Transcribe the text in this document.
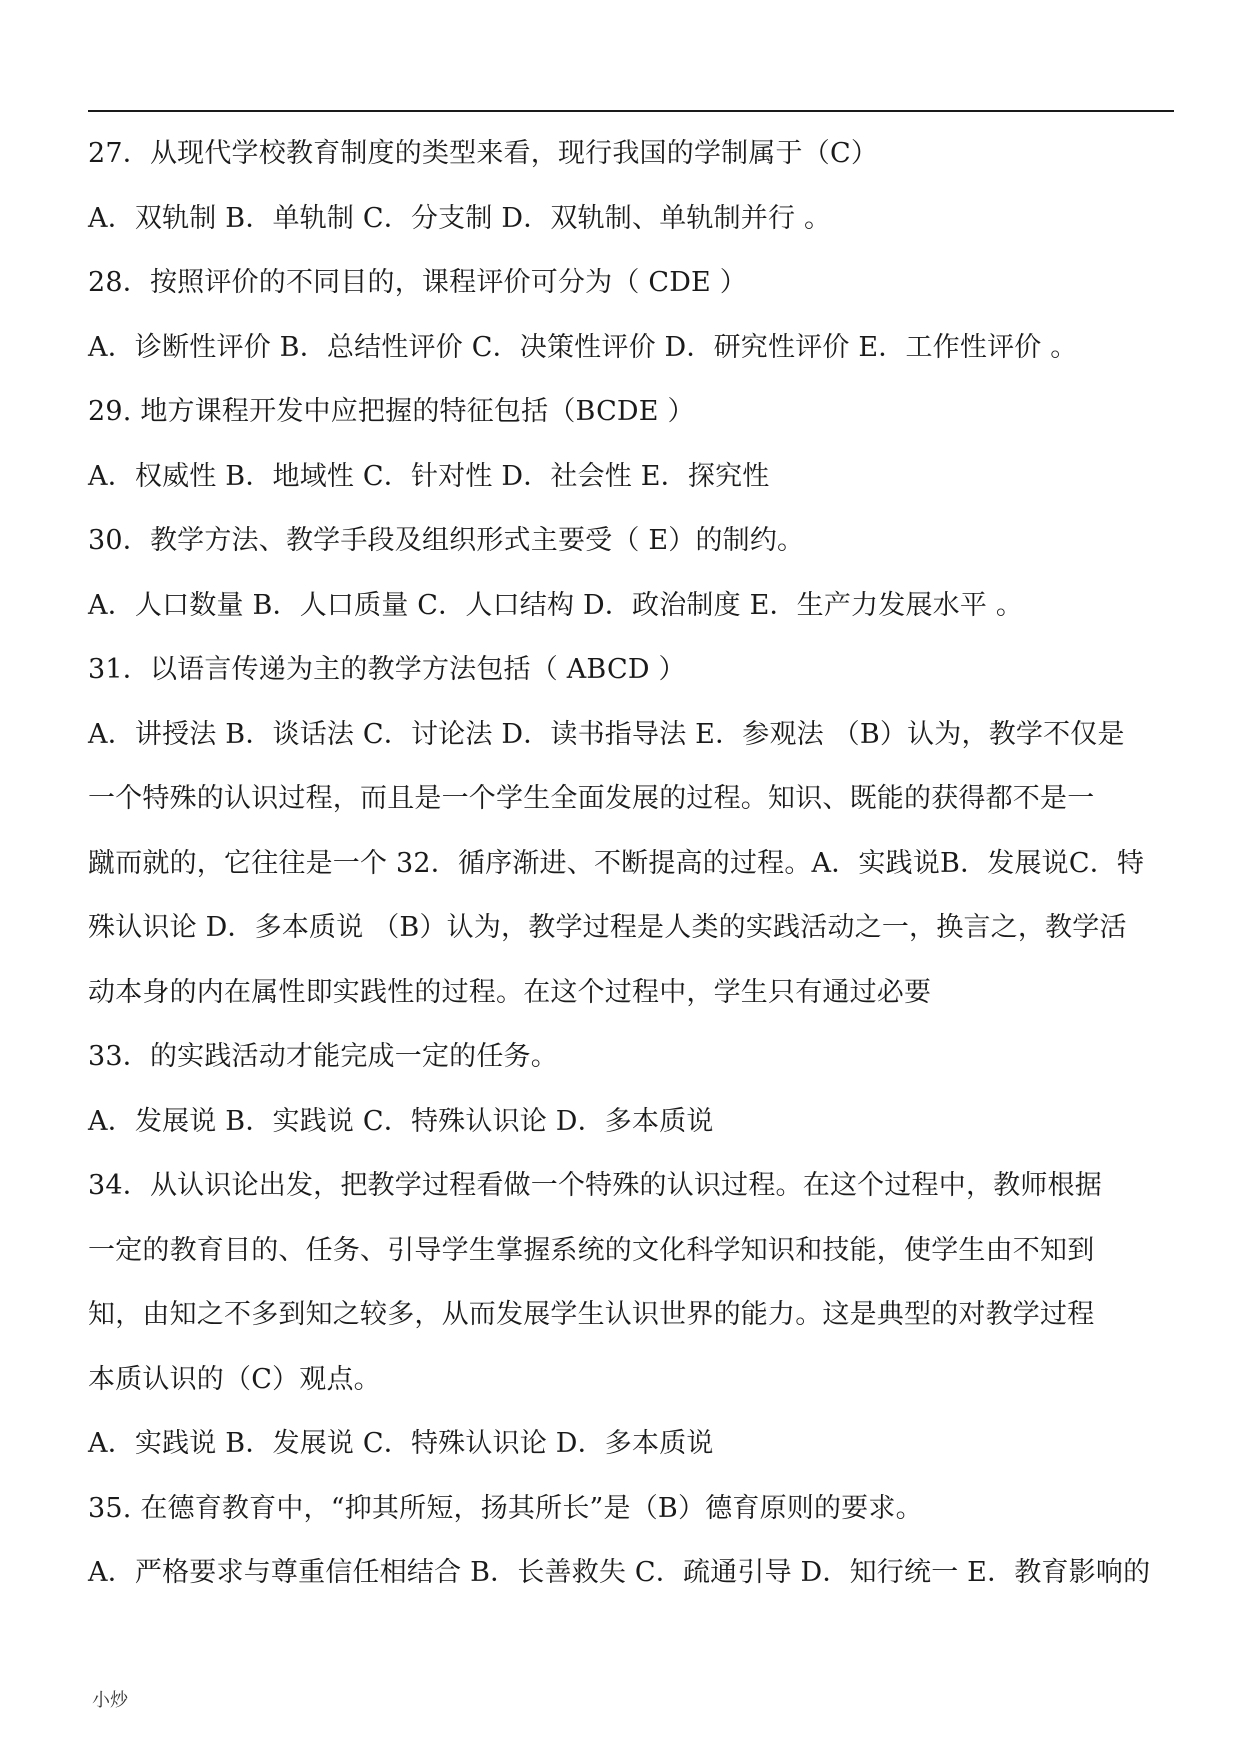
27．从现代学校教育制度的类型来看，现行我国的学制属于（C）
A．双轨制 B．单轨制 C．分支制 D．双轨制、单轨制并行 。
28．按照评价的不同目的，课程评价可分为（ CDE ）
A．诊断性评价 B．总结性评价 C．决策性评价 D．研究性评价 E．工作性评价 。
29. 地方课程开发中应把握的特征包括（BCDE ）
A．权威性 B．地域性 C．针对性 D．社会性 E．探究性
30．教学方法、教学手段及组织形式主要受（ E）的制约。
A．人口数量 B．人口质量 C．人口结构 D．政治制度 E．生产力发展水平 。
31．以语言传递为主的教学方法包括（ ABCD ）
A．讲授法 B．谈话法 C．讨论法 D．读书指导法 E．参观法 （B）认为，教学不仅是
一个特殊的认识过程，而且是一个学生全面发展的过程。知识、既能的获得都不是一
蹴而就的，它往往是一个 32．循序渐进、不断提高的过程。A．实践说B．发展说C．特
殊认识论 D．多本质说 （B）认为，教学过程是人类的实践活动之一，换言之，教学活
动本身的内在属性即实践性的过程。在这个过程中，学生只有通过必要
33．的实践活动才能完成一定的任务。
A．发展说 B．实践说 C．特殊认识论 D．多本质说
34．从认识论出发，把教学过程看做一个特殊的认识过程。在这个过程中，教师根据
一定的教育目的、任务、引导学生掌握系统的文化科学知识和技能，使学生由不知到
知，由知之不多到知之较多，从而发展学生认识世界的能力。这是典型的对教学过程
本质认识的（C）观点。
A．实践说 B．发展说 C．特殊认识论 D．多本质说
35. 在德育教育中，“抑其所短，扬其所长”是（B）德育原则的要求。
A．严格要求与尊重信任相结合 B．长善救失 C．疏通引导 D．知行统一 E．教育影响的
小炒
